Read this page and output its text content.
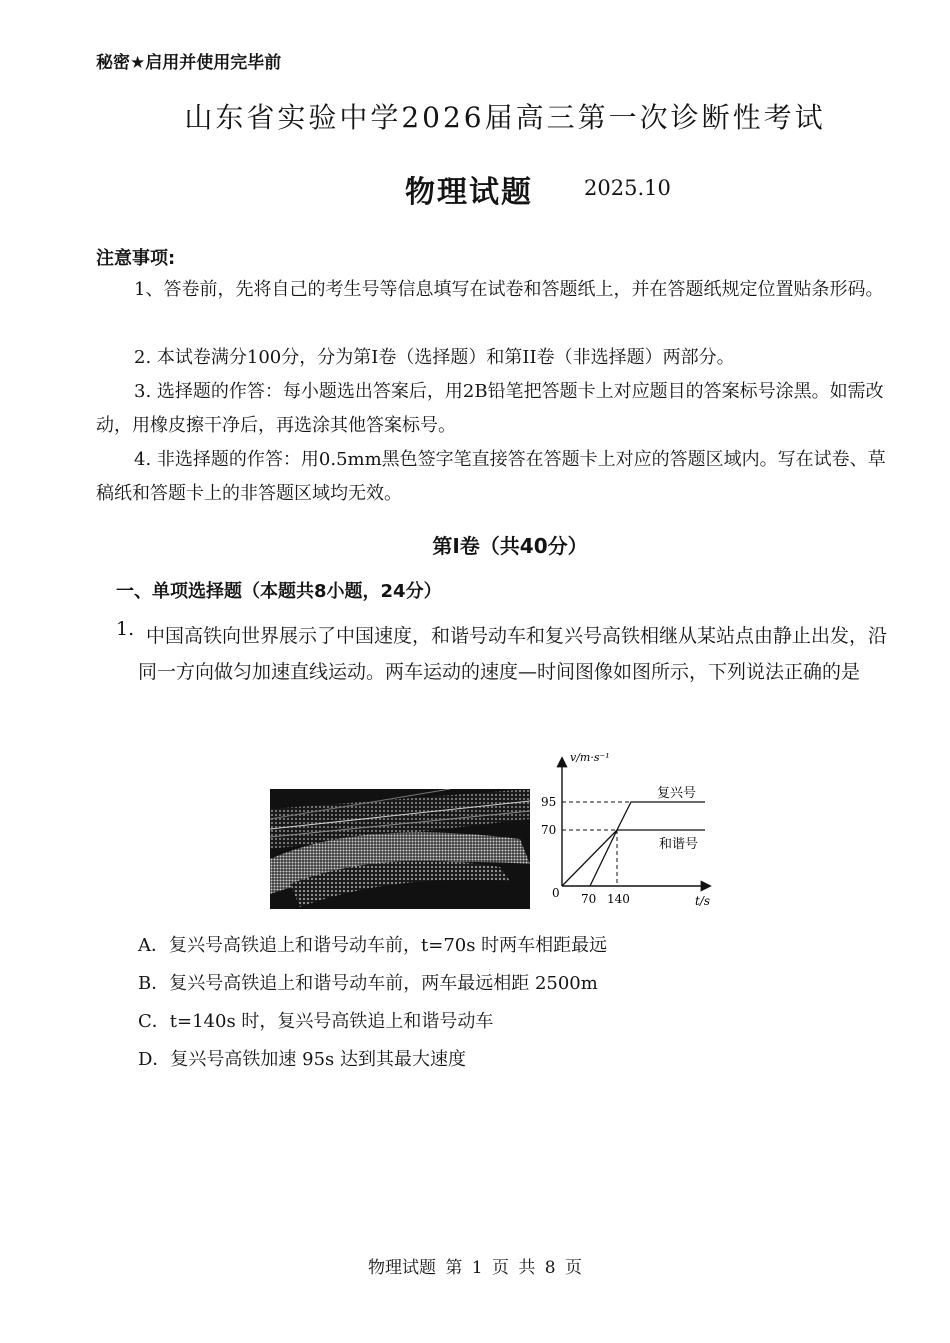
秘密★启用并使用完毕前
山东省实验中学2026届高三第一次诊断性考试
物理试题 2025.10
注意事项:
1、答卷前，先将自己的考生号等信息填写在试卷和答题纸上，并在答题纸规定位置贴条形码。
2. 本试卷满分100分，分为第I卷（选择题）和第II卷（非选择题）两部分。
3. 选择题的作答：每小题选出答案后，用2B铅笔把答题卡上对应题目的答案标号涂黑。如需改动，用橡皮擦干净后，再选涂其他答案标号。
4. 非选择题的作答：用0.5mm黑色签字笔直接答在答题卡上对应的答题区域内。写在试卷、草稿纸和答题卡上的非答题区域均无效。
第I卷（共40分）
一、单项选择题（本题共8小题，24分）
1. 中国高铁向世界展示了中国速度，和谐号动车和复兴号高铁相继从某站点由静止出发，沿同一方向做匀加速直线运动。两车运动的速度—时间图像如图所示，下列说法正确的是
v/m·s⁻¹
t/s
0
95
70
70 140
复兴号
和谐号
A．复兴号高铁追上和谐号动车前，t=70s 时两车相距最远
B．复兴号高铁追上和谐号动车前，两车最远相距 2500m
C．t=140s 时，复兴号高铁追上和谐号动车
D．复兴号高铁加速 95s 达到其最大速度
物理试题 第 1 页 共 8 页
